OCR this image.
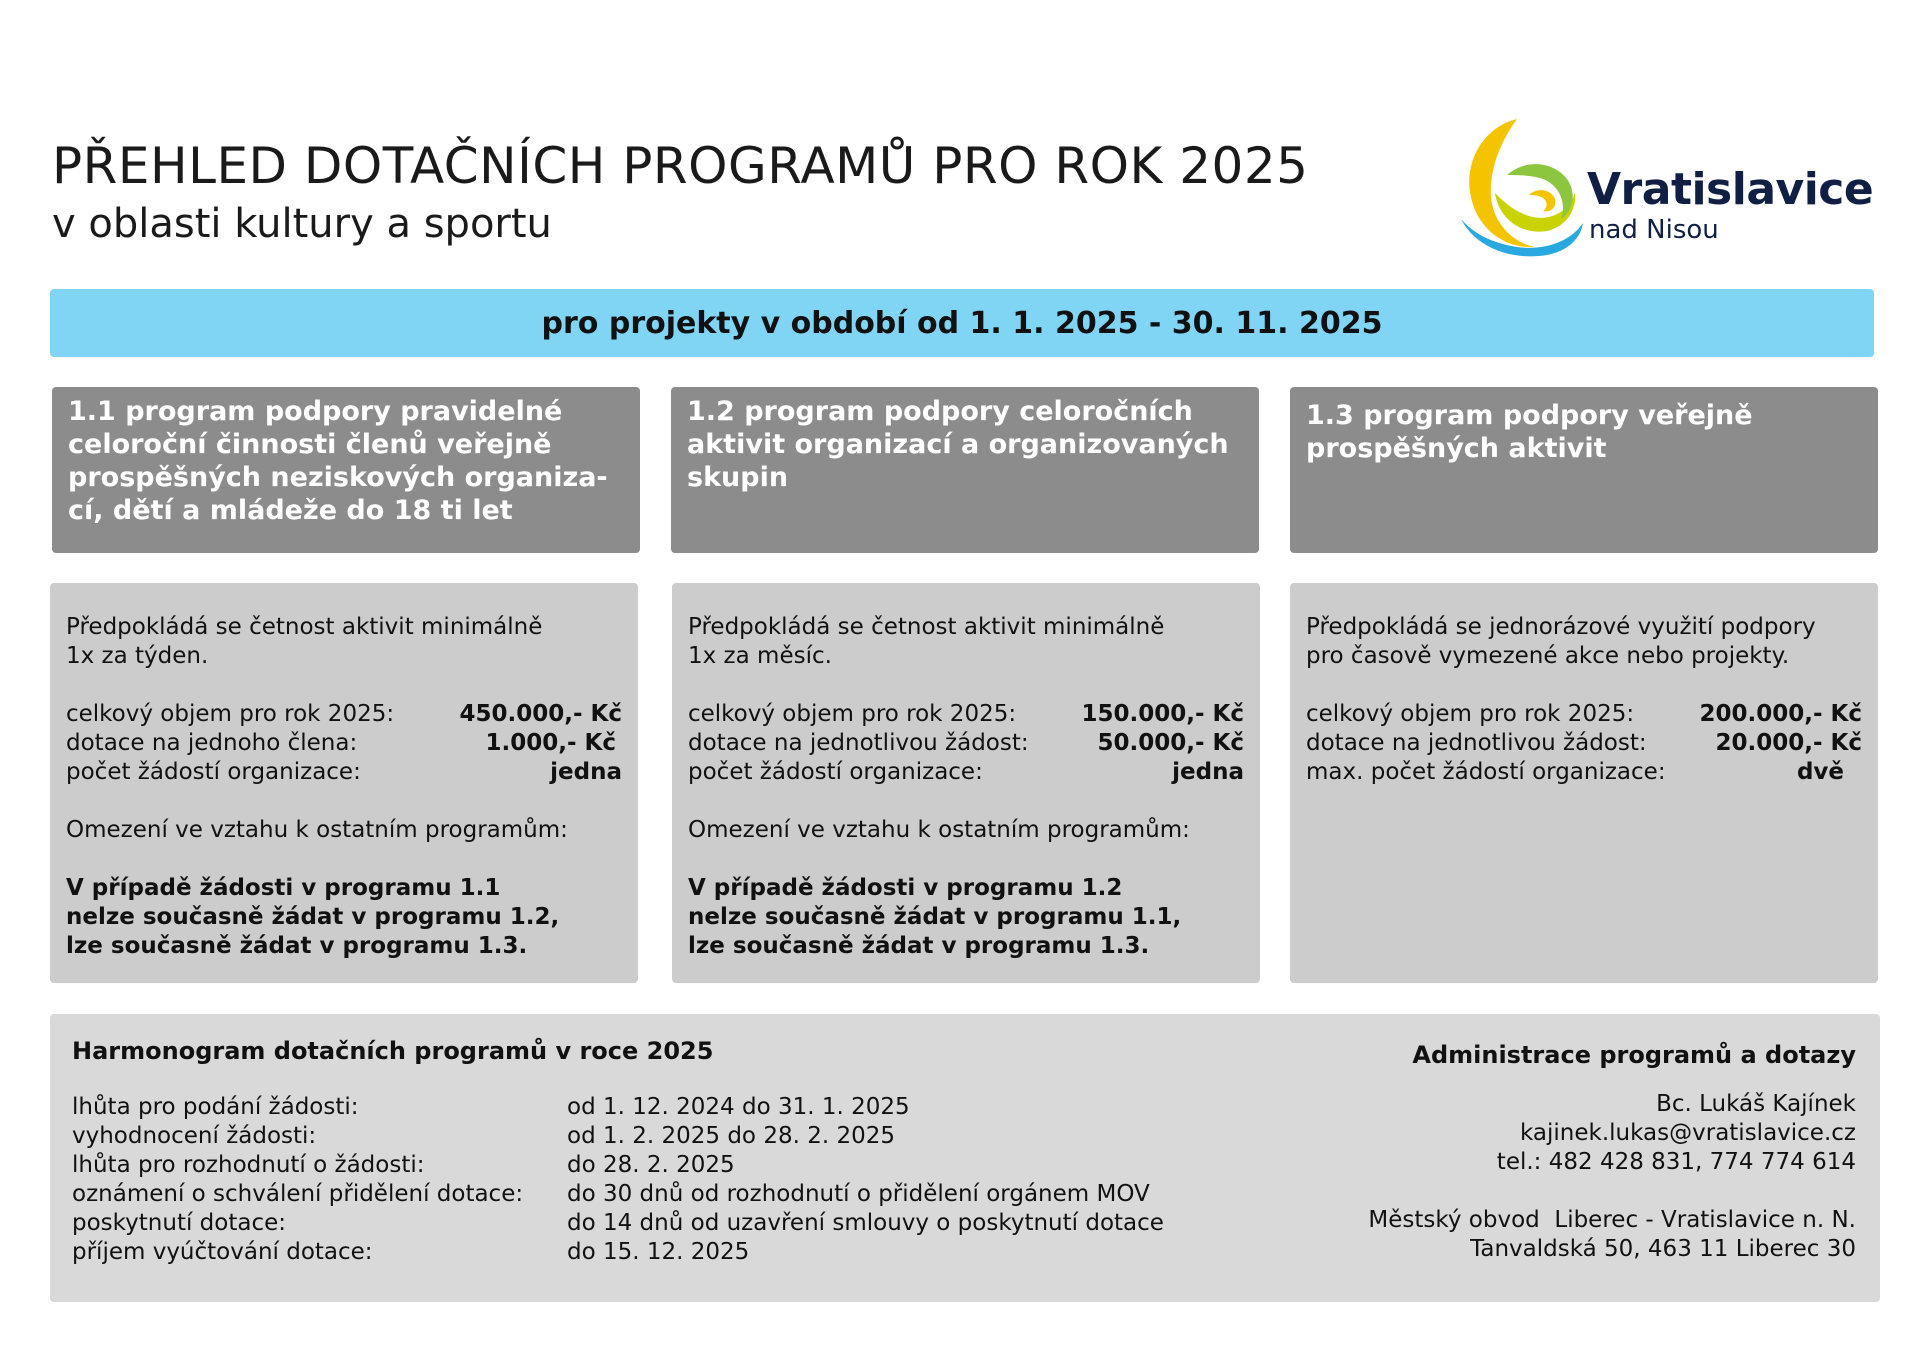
PŘEHLED DOTAČNÍCH PROGRAMŮ PRO ROK 2025
v oblasti kultury a sportu
Vratislavice
nad Nisou
pro projekty v období od 1. 1. 2025 - 30. 11. 2025
1.1 program podpory pravidelné
celoroční činnosti členů veřejně
prospěšných neziskových organiza-
cí, dětí a mládeže do 18 ti let
Předpokládá se četnost aktivit minimálně
1x za týden.
celkový objem pro rok 2025:	450.000,- Kč
dotace na jednoho člena:	1.000,- Kč
počet žádostí organizace:	jedna
Omezení ve vztahu k ostatním programům:
V případě žádosti v programu 1.1
nelze současně žádat v programu 1.2,
lze současně žádat v programu 1.3.
1.2 program podpory celoročních
aktivit organizací a organizovaných
skupin
Předpokládá se četnost aktivit minimálně
1x za měsíc.
celkový objem pro rok 2025:	150.000,- Kč
dotace na jednotlivou žádost:	50.000,- Kč
počet žádostí organizace:	jedna
Omezení ve vztahu k ostatním programům:
V případě žádosti v programu 1.2
nelze současně žádat v programu 1.1,
lze současně žádat v programu 1.3.
1.3 program podpory veřejně
prospěšných aktivit
Předpokládá se jednorázové využití podpory
pro časově vymezené akce nebo projekty.
celkový objem pro rok 2025:	200.000,- Kč
dotace na jednotlivou žádost:	20.000,- Kč
max. počet žádostí organizace:	dvě
Harmonogram dotačních programů v roce 2025
lhůta pro podání žádosti:	od 1. 12. 2024 do 31. 1. 2025
vyhodnocení žádosti:	od 1. 2. 2025 do 28. 2. 2025
lhůta pro rozhodnutí o žádosti:	do 28. 2. 2025
oznámení o schválení přidělení dotace:	do 30 dnů od rozhodnutí o přidělení orgánem MOV
poskytnutí dotace:	do 14 dnů od uzavření smlouvy o poskytnutí dotace
příjem vyúčtování dotace:	do 15. 12. 2025
Administrace programů a dotazy
Bc. Lukáš Kajínek
kajinek.lukas@vratislavice.cz
tel.: 482 428 831, 774 774 614
Městský obvod  Liberec - Vratislavice n. N.
Tanvaldská 50, 463 11 Liberec 30
